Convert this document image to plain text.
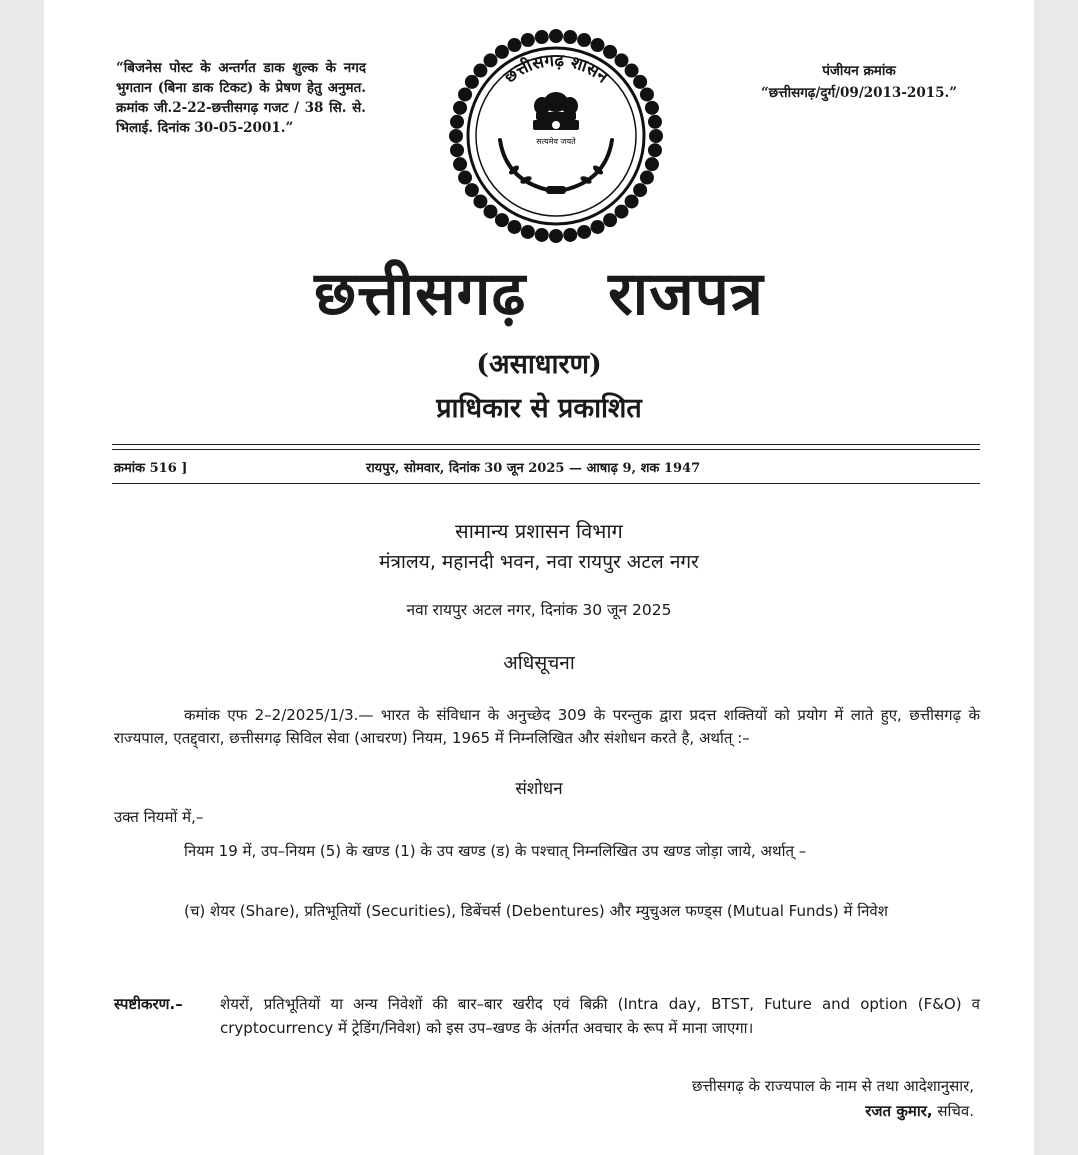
“बिजनेस पोस्ट के अन्तर्गत डाक शुल्क के नगद भुगतान (बिना डाक टिकट) के प्रेषण हेतु अनुमत. क्रमांक जी.2-22-छत्तीसगढ़ गजट / 38 सि. से. भिलाई. दिनांक 30-05-2001.”
पंजीयन क्रमांक
“छत्तीसगढ़/दुर्ग/09/2013-2015.”
छत्तीसगढ़ शासन
सत्यमेव जयते
छत्तीसगढ़ राजपत्र
(असाधारण)
प्राधिकार से प्रकाशित
क्रमांक 516 ]	रायपुर, सोमवार, दिनांक 30 जून 2025 — आषाढ़ 9, शक 1947
सामान्य प्रशासन विभाग
मंत्रालय, महानदी भवन, नवा रायपुर अटल नगर
नवा रायपुर अटल नगर, दिनांक 30 जून 2025
अधिसूचना
कमांक एफ 2–2/2025/1/3.— भारत के संविधान के अनुच्छेद 309 के परन्तुक द्वारा प्रदत्त शक्तियों को प्रयोग में लाते हुए, छत्तीसगढ़ के राज्यपाल, एतद्द्वारा, छत्तीसगढ़ सिविल सेवा (आचरण) नियम, 1965 में निम्नलिखित और संशोधन करते है, अर्थात् :–
संशोधन
उक्त नियमों में,–
नियम 19 में, उप–नियम (5) के खण्ड (1) के उप खण्ड (ड) के पश्चात् निम्नलिखित उप खण्ड जोड़ा जाये, अर्थात् –
(च) शेयर (Share), प्रतिभूतियों (Securities), डिबेंचर्स (Debentures) और म्युचुअल फण्ड्स (Mutual Funds) में निवेश
स्पष्टीकरण.– शेयरों, प्रतिभूतियों या अन्य निवेशों की बार–बार खरीद एवं बिक्री (Intra day, BTST, Future and option (F&O) व cryptocurrency में ट्रेडिंग/निवेश) को इस उप–खण्ड के अंतर्गत अवचार के रूप में माना जाएगा।
छत्तीसगढ़ के राज्यपाल के नाम से तथा आदेशानुसार,
रजत कुमार, सचिव.
